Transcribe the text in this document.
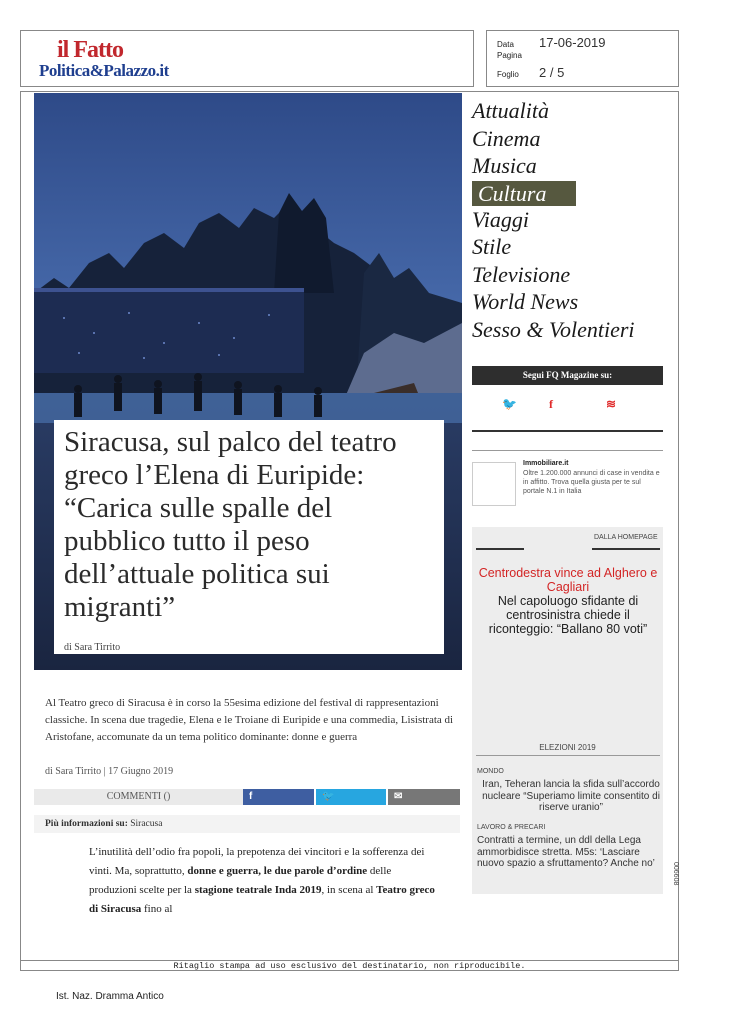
il Fatto
Politica&Palazzo.it
Data	17-06-2019
Pagina
Foglio	2 / 5
Siracusa, sul palco del teatro greco l’Elena di Euripide: “Carica sulle spalle del pubblico tutto il peso dell’attuale politica sui migranti”
di Sara Tirrito
Attualità
Cinema
Musica
Cultura
Viaggi
Stile
Televisione
World News
Sesso & Volentieri
Segui FQ Magazine su:
🐦	f	≋
Immobiliare.it
Oltre 1.200.000 annunci di case in vendita e in affitto. Trova quella giusta per te sul portale N.1 in Italia
DALLA HOMEPAGE
Centrodestra vince ad Alghero e Cagliari
Nel capoluogo sfidante di centrosinistra chiede il riconteggio: “Ballano 80 voti”
ELEZIONI 2019
MONDO
Iran, Teheran lancia la sfida sull’accordo nucleare “Superiamo limite consentito di riserve uranio”
LAVORO & PRECARI
Contratti a termine, un ddl della Lega ammorbidisce stretta. M5s: ‘Lasciare nuovo spazio a sfruttamento? Anche no’
Al Teatro greco di Siracusa è in corso la 55esima edizione del festival di rappresentazioni classiche. In scena due tragedie, Elena e le Troiane di Euripide e una commedia, Lisistrata di Aristofane, accomunate da un tema politico dominante: donne e guerra
di Sara Tirrito | 17 Giugno 2019
COMMENTI ()	f	🐦	✉
Più informazioni su: Siracusa
L’inutilità dell’odio fra popoli, la prepotenza dei vincitori e la sofferenza dei vinti. Ma, soprattutto, donne e guerra, le due parole d’ordine delle produzioni scelte per la stagione teatrale Inda 2019, in scena al Teatro greco di Siracusa fino al
006608
Ritaglio stampa ad uso esclusivo del destinatario, non riproducibile.
Ist. Naz. Dramma Antico
